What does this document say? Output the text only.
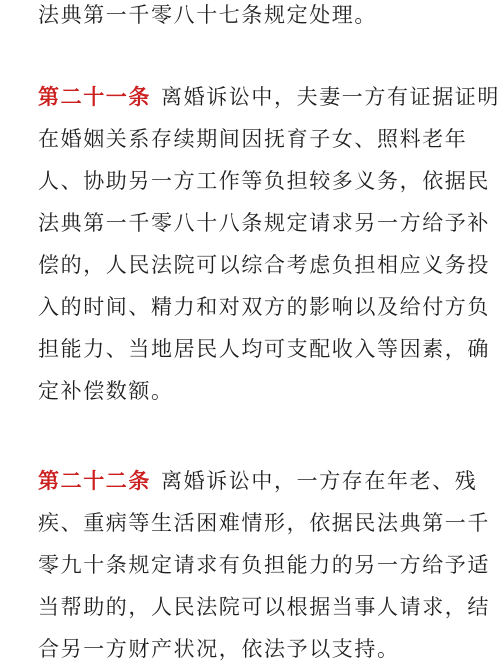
法典第一千零八十七条规定处理。
第二十一条 离婚诉讼中，夫妻一方有证据证明
在婚姻关系存续期间因抚育子女、照料老年
人、协助另一方工作等负担较多义务，依据民
法典第一千零八十八条规定请求另一方给予补
偿的，人民法院可以综合考虑负担相应义务投
入的时间、精力和对双方的影响以及给付方负
担能力、当地居民人均可支配收入等因素，确
定补偿数额。
第二十二条 离婚诉讼中，一方存在年老、残
疾、重病等生活困难情形，依据民法典第一千
零九十条规定请求有负担能力的另一方给予适
当帮助的，人民法院可以根据当事人请求，结
合另一方财产状况，依法予以支持。
